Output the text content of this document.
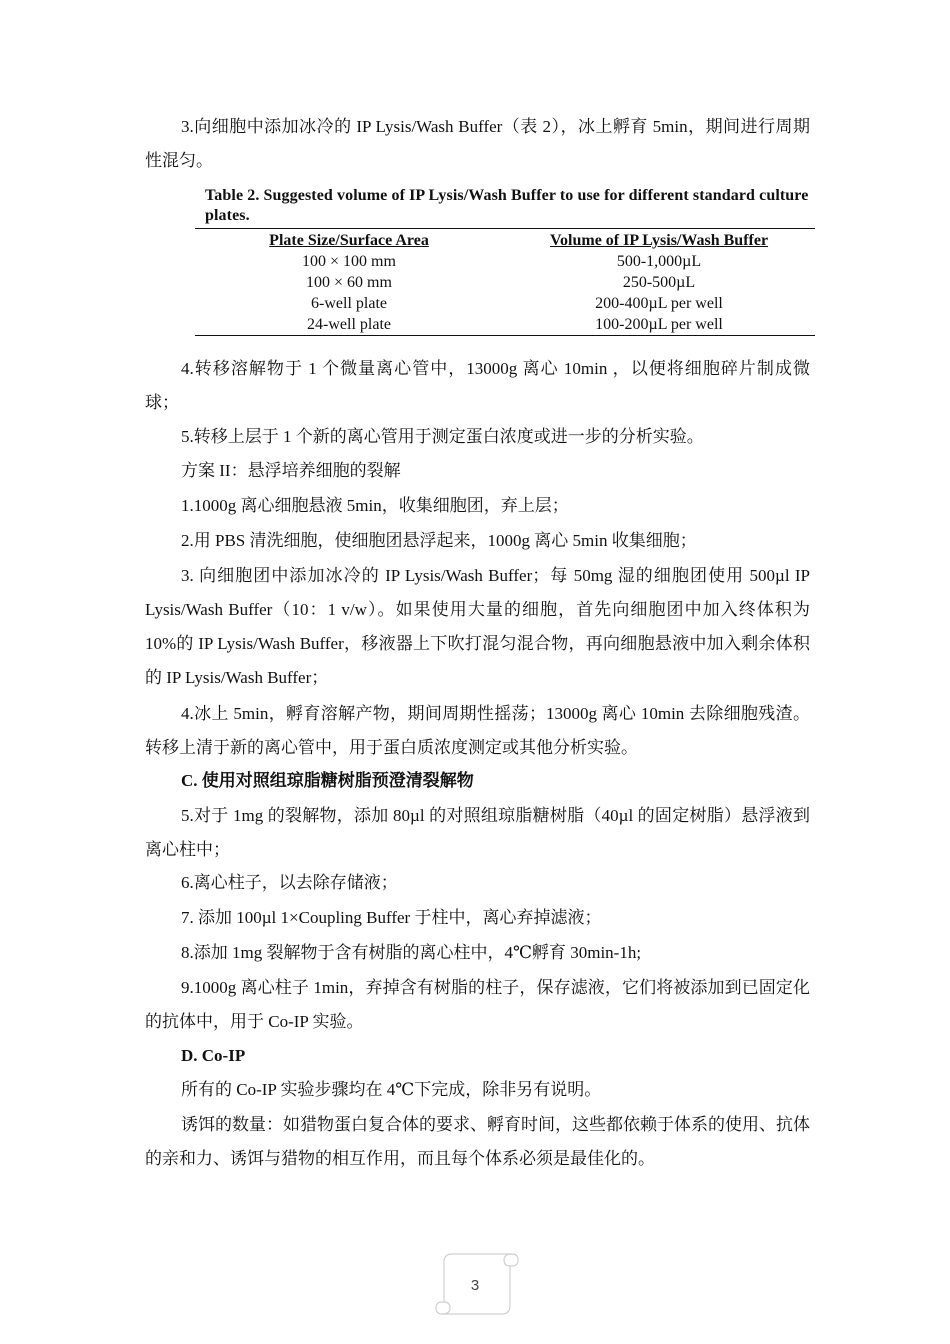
3.向细胞中添加冰冷的 IP Lysis/Wash Buffer（表 2），冰上孵育 5min，期间进行周期性混匀。

Table 2. Suggested volume of IP Lysis/Wash Buffer to use for different standard culture plates.
Plate Size/Surface Area	Volume of IP Lysis/Wash Buffer
100 × 100 mm	500-1,000µL
100 × 60 mm	250-500µL
6-well plate	200-400µL per well
24-well plate	100-200µL per well

4.转移溶解物于 1 个微量离心管中，13000g 离心 10min ，以便将细胞碎片制成微球；

5.转移上层于 1 个新的离心管用于测定蛋白浓度或进一步的分析实验。

方案 II：悬浮培养细胞的裂解

1.1000g 离心细胞悬液 5min，收集细胞团，弃上层；

2.用 PBS 清洗细胞，使细胞团悬浮起来，1000g 离心 5min 收集细胞；

3. 向细胞团中添加冰冷的 IP Lysis/Wash Buffer；每 50mg 湿的细胞团使用 500µl IP Lysis/Wash Buffer（10：1 v/w）。如果使用大量的细胞，首先向细胞团中加入终体积为 10%的 IP Lysis/Wash Buffer，移液器上下吹打混匀混合物，再向细胞悬液中加入剩余体积的 IP Lysis/Wash Buffer；

4.冰上 5min，孵育溶解产物，期间周期性摇荡；13000g 离心 10min 去除细胞残渣。转移上清于新的离心管中，用于蛋白质浓度测定或其他分析实验。

C. 使用对照组琼脂糖树脂预澄清裂解物

5.对于 1mg 的裂解物，添加 80µl 的对照组琼脂糖树脂（40µl 的固定树脂）悬浮液到离心柱中；

6.离心柱子，以去除存储液；

7. 添加 100µl 1×Coupling Buffer 于柱中，离心弃掉滤液；

8.添加 1mg 裂解物于含有树脂的离心柱中，4℃孵育 30min-1h;

9.1000g 离心柱子 1min，弃掉含有树脂的柱子，保存滤液，它们将被添加到已固定化的抗体中，用于 Co-IP 实验。

D. Co-IP

所有的 Co-IP 实验步骤均在 4℃下完成，除非另有说明。

诱饵的数量：如猎物蛋白复合体的要求、孵育时间，这些都依赖于体系的使用、抗体的亲和力、诱饵与猎物的相互作用，而且每个体系必须是最佳化的。

3
